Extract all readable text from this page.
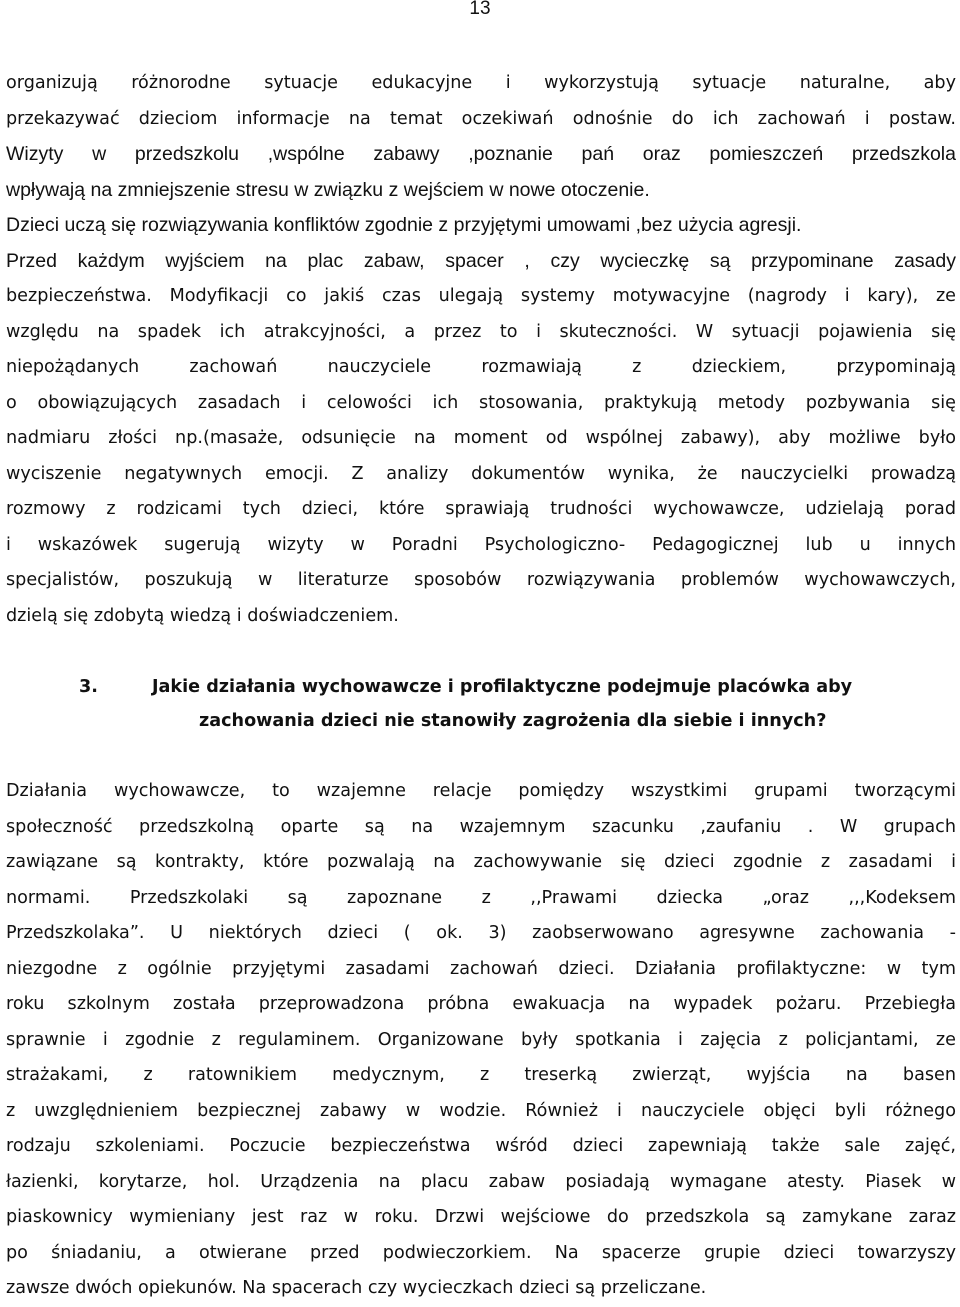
13
organizują różnorodne sytuacje edukacyjne i wykorzystują sytuacje naturalne, aby
przekazywać dzieciom informacje na temat oczekiwań odnośnie do ich zachowań i postaw.
Wizyty w przedszkolu ,wspólne zabawy ,poznanie pań oraz pomieszczeń przedszkola
wpływają na zmniejszenie stresu w związku z wejściem w nowe otoczenie.
Dzieci uczą się rozwiązywania konfliktów zgodnie z przyjętymi umowami ,bez użycia agresji.
Przed każdym wyjściem na plac zabaw, spacer , czy wycieczkę są przypominane zasady
bezpieczeństwa. Modyfikacji co jakiś czas ulegają systemy motywacyjne (nagrody i kary), ze
względu na spadek ich atrakcyjności, a przez to i skuteczności. W sytuacji pojawienia się
niepożądanych zachowań nauczyciele rozmawiają z dzieckiem, przypominają
o obowiązujących zasadach i celowości ich stosowania, praktykują metody pozbywania się
nadmiaru złości np.(masaże, odsunięcie na moment od wspólnej zabawy), aby możliwe było
wyciszenie negatywnych emocji. Z analizy dokumentów wynika, że nauczycielki prowadzą
rozmowy z rodzicami tych dzieci, które sprawiają trudności wychowawcze, udzielają porad
i wskazówek sugerują wizyty w Poradni Psychologiczno- Pedagogicznej lub u innych
specjalistów, poszukują w literaturze sposobów rozwiązywania problemów wychowawczych,
dzielą się zdobytą wiedzą i doświadczeniem.
3.	Jakie działania wychowawcze i profilaktyczne podejmuje placówka aby
zachowania dzieci nie stanowiły zagrożenia dla siebie i innych?
Działania wychowawcze, to wzajemne relacje pomiędzy wszystkimi grupami tworzącymi
społeczność przedszkolną oparte są na wzajemnym szacunku ,zaufaniu . W grupach
zawiązane są kontrakty, które pozwalają na zachowywanie się dzieci zgodnie z zasadami i
normami. Przedszkolaki są zapoznane z ,,Prawami dziecka „oraz ,,,Kodeksem
Przedszkolaka”. U niektórych dzieci ( ok. 3) zaobserwowano agresywne zachowania -
niezgodne z ogólnie przyjętymi zasadami zachowań dzieci. Działania profilaktyczne: w tym
roku szkolnym została przeprowadzona próbna ewakuacja na wypadek pożaru. Przebiegła
sprawnie i zgodnie z regulaminem. Organizowane były spotkania i zajęcia z policjantami, ze
strażakami, z ratownikiem medycznym, z treserką zwierząt, wyjścia na basen
z uwzględnieniem bezpiecznej zabawy w wodzie. Również i nauczyciele objęci byli różnego
rodzaju szkoleniami. Poczucie bezpieczeństwa wśród dzieci zapewniają także sale zajęć,
łazienki, korytarze, hol. Urządzenia na placu zabaw posiadają wymagane atesty. Piasek w
piaskownicy wymieniany jest raz w roku. Drzwi wejściowe do przedszkola są zamykane zaraz
po śniadaniu, a otwierane przed podwieczorkiem. Na spacerze grupie dzieci towarzyszy
zawsze dwóch opiekunów. Na spacerach czy wycieczkach dzieci są przeliczane.
